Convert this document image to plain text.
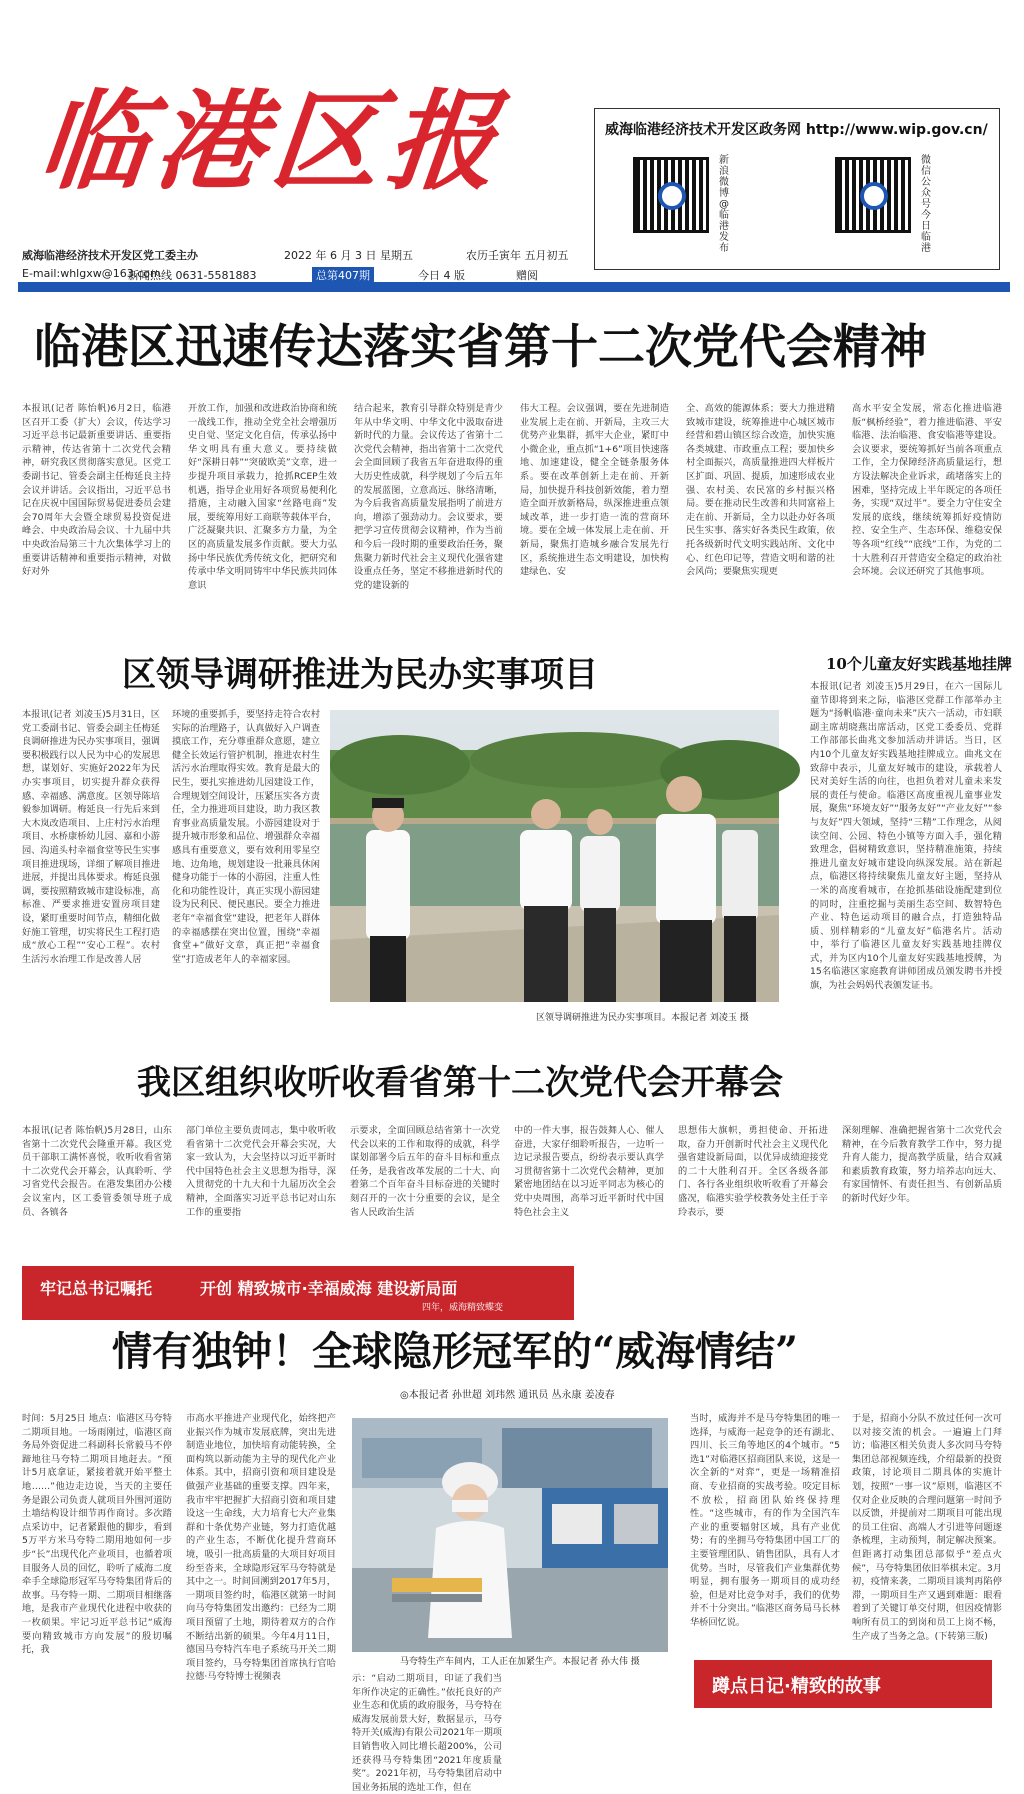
临港区报
威海临港经济技术开发区党工委主办	2022 年 6 月 3 日 星期五	农历壬寅年 五月初五
E-mail:whlgxw@163.com
新闻热线 0631-5581883	总第407期	今日 4 版	赠阅
威海临港经济技术开发区政务网 http://www.wip.gov.cn/
新浪微博@临港发布
微信公众号今日临港
临港区迅速传达落实省第十二次党代会精神
本报讯(记者 陈怡帆)6月2日，临港区召开工委（扩大）会议，传达学习习近平总书记最新重要讲话、重要指示精神，传达省第十二次党代会精神，研究我区贯彻落实意见。区党工委副书记、管委会副主任梅延良主持会议并讲话。会议指出，习近平总书记在庆祝中国国际贸易促进委员会建会70周年大会暨全球贸易投资促进峰会、中央政治局会议、十九届中共中央政治局第三十九次集体学习上的重要讲话精神和重要指示精神，对做好对外
开放工作，加强和改进政治协商和统一战线工作，推动全党全社会增强历史自觉、坚定文化自信，传承弘扬中华文明具有重大意义。要持续做好“深耕日韩”“突破欧美”文章，进一步提升项目承载力，抢抓RCEP生效机遇，指导企业用好各项贸易便利化措施，主动融入国家“丝路电商”发展，要统筹用好工商联等载体平台，广泛凝聚共识、汇聚多方力量，为全区的高质量发展多作贡献。要大力弘扬中华民族优秀传统文化，把研究和传承中华文明同铸牢中华民族共同体意识
结合起来，教育引导群众特别是青少年从中华文明、中华文化中汲取奋进新时代的力量。会议传达了省第十二次党代会精神，指出省第十二次党代会全面回顾了我省五年奋进取得的重大历史性成就，科学规划了今后五年的发展蓝图，立意高远、脉络清晰，为今后我省高质量发展指明了前进方向，增添了强劲动力。会议要求，要把学习宣传贯彻会议精神，作为当前和今后一段时期的重要政治任务，聚焦聚力新时代社会主义现代化强省建设重点任务，坚定不移推进新时代的党的建设新的
伟大工程。会议强调，要在先进制造业发展上走在前、开新局，主攻三大优势产业集群，抓牢大企业，紧盯中小微企业，重点抓“1+6”项目快速落地、加速建设，健全全链条服务体系。要在改革创新上走在前、开新局，加快提升科技创新效能，着力塑造全面开放新格局，纵深推进重点领域改革，进一步打造一流的营商环境。要在全域一体发展上走在前、开新局，聚焦打造城乡融合发展先行区，系统推进生态文明建设，加快构建绿色、安
全、高效的能源体系；要大力推进精致城市建设，统筹推进中心城区城市经营和碧山镇区综合改造，加快实施各类城建、市政重点工程；要加快乡村全面振兴，高质量推进四大样板片区扩面、巩固、提质，加速形成农业强、农村美、农民富的乡村振兴格局。要在推动民生改善和共同富裕上走在前、开新局，全力以赴办好各项民生实事、落实好各类民生政策，依托各级新时代文明实践站所、文化中心、红色印记等，营造文明和谐的社会风尚；要聚焦实现更
高水平安全发展，常态化推进临港版“枫桥经验”，着力推进临港、平安临港、法治临港、食安临港等建设。会议要求，要统筹抓好当前各项重点工作，全力保障经济高质量运行，想方设法解决企业诉求，疏堵落实上的困难，坚持完成上半年既定的各项任务，实现“双过半”。要全力守住安全发展的底线，继续统筹抓好疫情防控、安全生产、生态环保、维稳安保等各项“红线”“底线”工作，为党的二十大胜利召开营造安全稳定的政治社会环境。会议还研究了其他事项。
区领导调研推进为民办实事项目
本报讯(记者 刘凌玉)5月31日，区党工委副书记、管委会副主任梅延良调研推进为民办实事项目，强调要积极践行以人民为中心的发展思想，谋划好、实施好2022年为民办实事项目，切实提升群众获得感、幸福感、满意度。区领导陈培毅参加调研。梅延良一行先后来到大木岚改造项目、上庄村污水治理项目、水桥康桥幼儿园、嘉和小游园、沟道头村幸福食堂等民生实事项目推进现场，详细了解项目推进进展，并提出具体要求。梅延良强调，要按照精致城市建设标准，高标准、严要求推进安置房项目建设，紧盯重要时间节点，精细化做好施工管理，切实将民生工程打造成“放心工程”“安心工程”。农村生活污水治理工作是改善人居
环境的重要抓手，要坚持走符合农村实际的治理路子，认真做好入户调查摸底工作，充分尊重群众意愿，建立健全长效运行管护机制，推进农村生活污水治理取得实效。教育是最大的民生，要扎实推进幼儿园建设工作，合理规划空间设计，压紧压实各方责任，全力推进项目建设，助力我区教育事业高质量发展。小游园建设对于提升城市形象和品位、增强群众幸福感具有重要意义，要有效利用零星空地、边角地，规划建设一批兼具休闲健身功能于一体的小游园，注重人性化和功能性设计，真正实现小游园建设为民利民、便民惠民。要全力推进老年“幸福食堂”建设，把老年人群体的幸福感摆在突出位置，围绕“幸福食堂+”做好文章，真正把“幸福食堂”打造成老年人的幸福家园。
区领导调研推进为民办实事项目。本报记者 刘凌玉 摄
10个儿童友好实践基地挂牌
本报讯(记者 刘凌玉)5月29日，在六一国际儿童节即将到来之际，临港区党群工作部举办主题为“扬帆临港·童向未来”庆六一活动，市妇联副主席胡晓燕出席活动，区党工委委员、党群工作部部长曲兆文参加活动并讲话。当日，区内10个儿童友好实践基地挂牌成立。曲兆文在致辞中表示，儿童友好城市的建设，承载着人民对美好生活的向往，也担负着对儿童未来发展的责任与使命。临港区高度重视儿童事业发展，聚焦“环境友好”“服务友好”“产业友好”“参与友好”四大领域，坚持“三精”工作理念，从阅读空间、公园、特色小镇等方面入手，强化精致理念，倡树精致意识，坚持精准施策，持续推进儿童友好城市建设向纵深发展。站在新起点，临港区将持续聚焦儿童友好主题，坚持从一米的高度看城市，在抢抓基础设施配建到位的同时，注重挖掘与美丽生态空间、数智特色产业、特色运动项目的融合点，打造独特品质、别样精彩的“儿童友好”临港名片。活动中，举行了临港区儿童友好实践基地挂牌仪式，并为区内10个儿童友好实践基地授牌，为15名临港区家庭教育讲师团成员颁发聘书并授旗，为社会妈妈代表颁发证书。
我区组织收听收看省第十二次党代会开幕会
本报讯(记者 陈怡帆)5月28日，山东省第十二次党代会隆重开幕。我区党员干部职工满怀喜悦，收听收看省第十二次党代会开幕会，认真聆听、学习省党代会报告。在港发集团办公楼会议室内，区工委管委领导班子成员、各镇各
部门单位主要负责同志，集中收听收看省第十二次党代会开幕会实况，大家一致认为，大会坚持以习近平新时代中国特色社会主义思想为指导，深入贯彻党的十九大和十九届历次全会精神，全面落实习近平总书记对山东工作的重要指
示要求，全面回顾总结省第十一次党代会以来的工作和取得的成就，科学谋划部署今后五年的奋斗目标和重点任务，是我省改革发展的二十大、向着第二个百年奋斗目标奋进的关键时刻召开的一次十分重要的会议，是全省人民政治生活
中的一件大事，报告鼓舞人心、催人奋进，大家仔细聆听报告，一边听一边记录报告要点，纷纷表示要认真学习贯彻省第十二次党代会精神，更加紧密地团结在以习近平同志为核心的党中央周围，高举习近平新时代中国特色社会主义
思想伟大旗帜，勇担使命、开拓进取，奋力开创新时代社会主义现代化强省建设新局面，以优异成绩迎接党的二十大胜利召开。全区各级各部门、各行各业组织收听收看了开幕会盛况，临港实验学校教务处主任于辛玲表示，要
深刻理解、准确把握省第十二次党代会精神，在今后教育教学工作中，努力提升育人能力，提高教学质量，结合双减和素质教育政策，努力培养志向远大、有家国情怀、有责任担当、有创新品质的新时代好少年。
牢记总书记嘱托	开创 精致城市·幸福威海 建设新局面
四年，威海精致蝶变
情有独钟！全球隐形冠军的“威海情结”
◎本报记者 孙世超 刘玮然 通讯员 丛永康 姜凌春
时间：5月25日 地点：临港区马夸特二期项目地。一场雨刚过，临港区商务局外资促进二科副科长常毅马不停蹄地往马夸特二期项目地赶去。“预计5月底拿证，紧接着就开始平整土地……”他边走边说，当天的主要任务是跟公司负责人就项目外围河道防土墙结构设计细节再作商讨。多次踏点采访中，记者紧跟他的脚步，看到5万平方米马夸特二期用地如何一步步“长”出现代化产业项目，也循着项目服务人员的回忆，聆听了威海二度牵手全球隐形冠军马夸特集团背后的故事。马夸特一期、二期项目相继落地，是我市产业现代化进程中收获的一枚硕果。牢记习近平总书记“威海要向精致城市方向发展”的殷切嘱托，我
市高水平推进产业现代化，始终把产业振兴作为城市发展底牌，突出先进制造业地位，加快培育动能转换，全面构筑以新动能为主导的现代化产业体系。其中，招商引资和项目建设是做强产业基础的重要支撑。四年来，我市牢牢把握扩大招商引资和项目建设这一生命线，大力培育七大产业集群和十条优势产业链，努力打造优越的产业生态，不断优化提升营商环境，吸引一批高质量的大项目好项目纷至沓来，全球隐形冠军马夸特就是其中之一。时间回溯到2017年5月，一期项目签约时，临港区就第一时间向马夸特集团发出邀约：已经为二期项目预留了土地，期待着双方的合作不断结出新的硕果。今年4月11日，德国马夸特汽车电子系统马开关二期项目签约，马夸特集团首席执行官哈拉德·马夸特博士视频表
马夸特生产车间内，工人正在加紧生产。本报记者 孙大伟 摄
示：“启动二期项目，印证了我们当年所作决定的正确性。”依托良好的产业生态和优质的政府服务，马夸特在威海发展前景大好，数据显示，马夸特开关(威海)有限公司2021年一期项目销售收入同比增长超200%，公司还获得马夸特集团“2021年度质量奖”。2021年初，马夸特集团启动中国业务拓展的选址工作，但在
当时，威海并不是马夸特集团的唯一选择，与威海一起竞争的还有湖北、四川、长三角等地区的4个城市。“5选1”对临港区招商团队来说，这是一次全新的“对弈”，更是一场精准招商、专业招商的实战考验。咬定目标不放松，招商团队始终保持理性。“这些城市，有的作为全国汽车产业的重要辐射区域，具有产业优势；有的坐拥马夸特集团中国工厂的主要管理团队、销售团队，具有人才优势。当时，尽管我们产业集群优势明显，拥有服务一期项目的成功经验，但是对比竞争对手，我们的优势并不十分突出。”临港区商务局马长林华桥回忆说。
于是，招商小分队不放过任何一次可以对接交流的机会。一遍遍上门拜访；临港区相关负责人多次同马夸特集团总部视频连线，介绍最新的投资政策，讨论项目二期具体的实施计划，按照“一事一议”原则，临港区不仅对企业反映的合理问题第一时间予以反馈，并提前对二期项目可能出现的员工住宿、高端人才引进等问题逐条梳理，主动预判，制定解决预案。但距离打动集团总部似乎“差点火候”，马夸特集团依旧举棋未定。3月初，疫情来袭，二期项目谈判再陷停滞，一期项目生产又遇到难题：眼看着到了关键订单交付期，但因疫情影响所有员工的到岗和员工上岗不畅，生产成了当务之急。(下转第三版)
蹲点日记·精致的故事
